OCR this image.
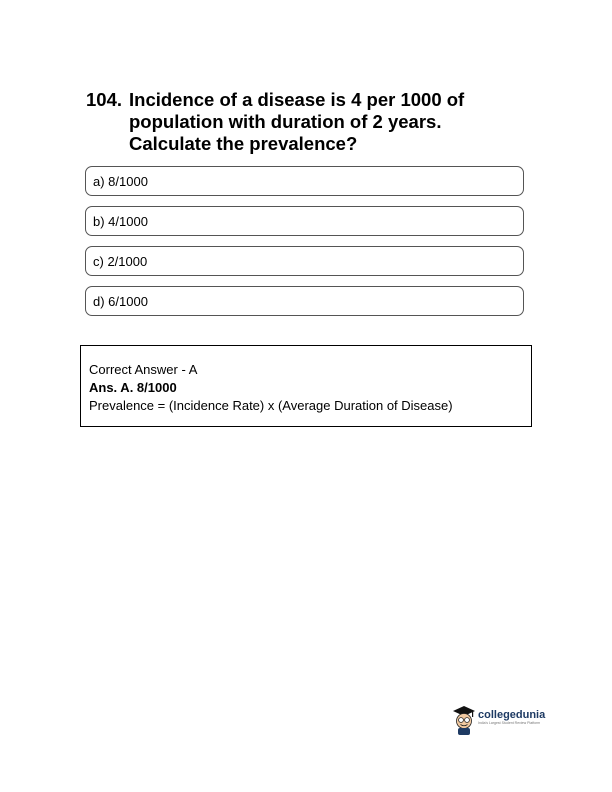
104. Incidence of a disease is 4 per 1000 of
population with duration of 2 years.
Calculate the prevalence?
a) 8/1000
b) 4/1000
c) 2/1000
d) 6/1000
Correct Answer - A
Ans. A. 8/1000
Prevalence = (Incidence Rate) x (Average Duration of Disease)
collegedunia
India's Largest Student Review Platform
